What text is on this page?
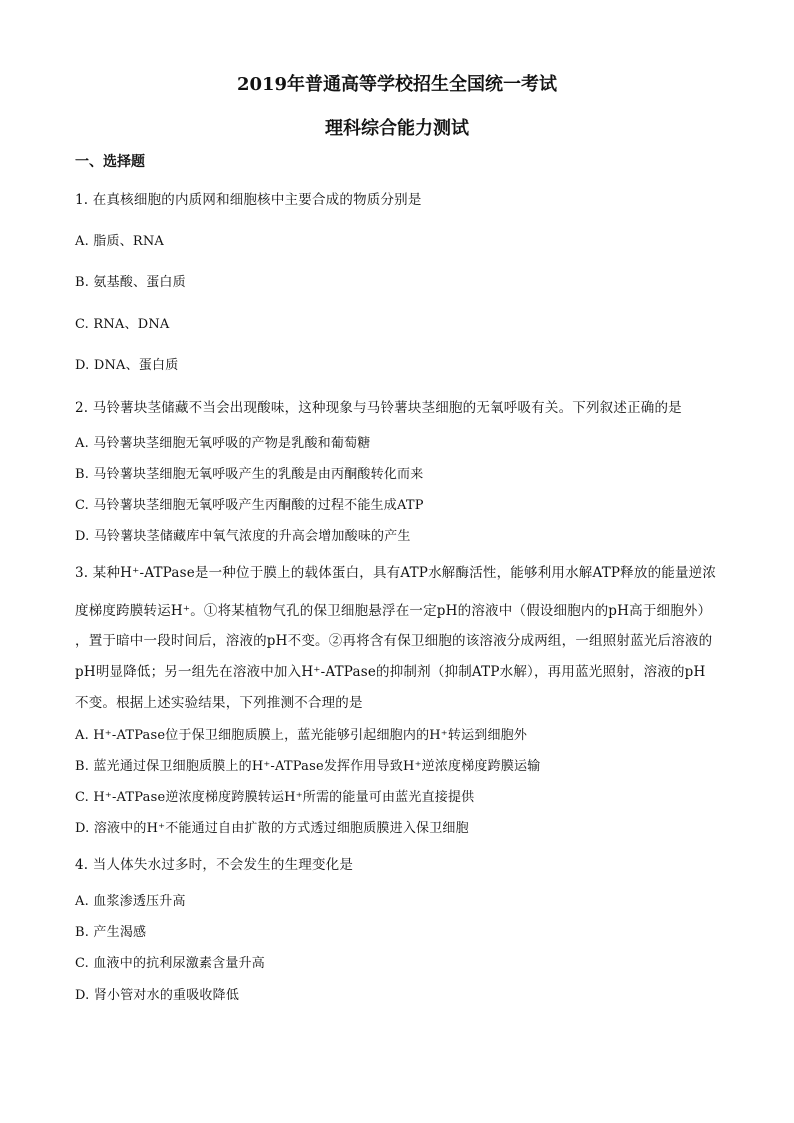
2019年普通高等学校招生全国统一考试
理科综合能力测试
一、选择题
1. 在真核细胞的内质网和细胞核中主要合成的物质分别是
A. 脂质、RNA
B. 氨基酸、蛋白质
C. RNA、DNA
D. DNA、蛋白质
2. 马铃薯块茎储藏不当会出现酸味，这种现象与马铃薯块茎细胞的无氧呼吸有关。下列叙述正确的是
A. 马铃薯块茎细胞无氧呼吸的产物是乳酸和葡萄糖
B. 马铃薯块茎细胞无氧呼吸产生的乳酸是由丙酮酸转化而来
C. 马铃薯块茎细胞无氧呼吸产生丙酮酸的过程不能生成ATP
D. 马铃薯块茎储藏库中氧气浓度的升高会增加酸味的产生
3. 某种H⁺-ATPase是一种位于膜上的载体蛋白，具有ATP水解酶活性，能够利用水解ATP释放的能量逆浓
度梯度跨膜转运H⁺。①将某植物气孔的保卫细胞悬浮在一定pH的溶液中（假设细胞内的pH高于细胞外）
，置于暗中一段时间后，溶液的pH不变。②再将含有保卫细胞的该溶液分成两组，一组照射蓝光后溶液的
pH明显降低；另一组先在溶液中加入H⁺-ATPase的抑制剂（抑制ATP水解），再用蓝光照射，溶液的pH
不变。根据上述实验结果，下列推测不合理的是
A. H⁺-ATPase位于保卫细胞质膜上，蓝光能够引起细胞内的H⁺转运到细胞外
B. 蓝光通过保卫细胞质膜上的H⁺-ATPase发挥作用导致H⁺逆浓度梯度跨膜运输
C. H⁺-ATPase逆浓度梯度跨膜转运H⁺所需的能量可由蓝光直接提供
D. 溶液中的H⁺不能通过自由扩散的方式透过细胞质膜进入保卫细胞
4. 当人体失水过多时，不会发生的生理变化是
A. 血浆渗透压升高
B. 产生渴感
C. 血液中的抗利尿激素含量升高
D. 肾小管对水的重吸收降低
